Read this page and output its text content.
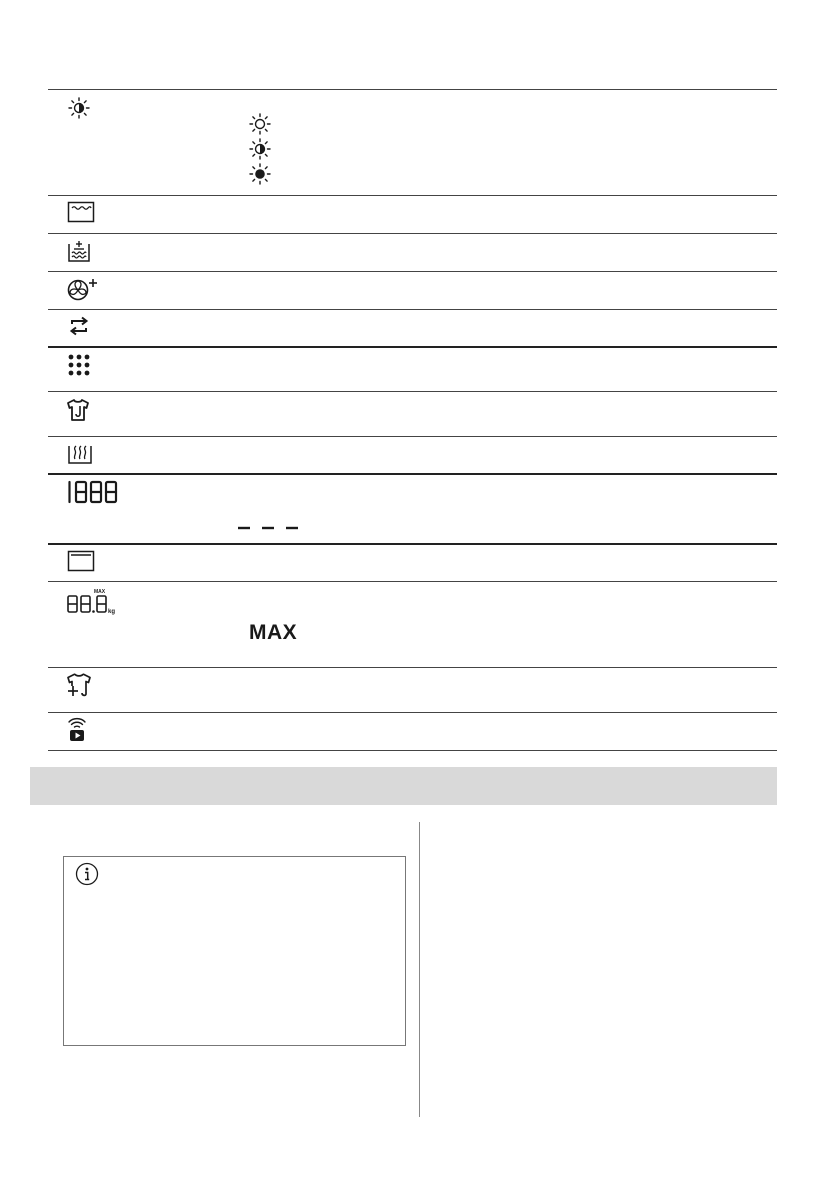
MAX
kg
MAX
